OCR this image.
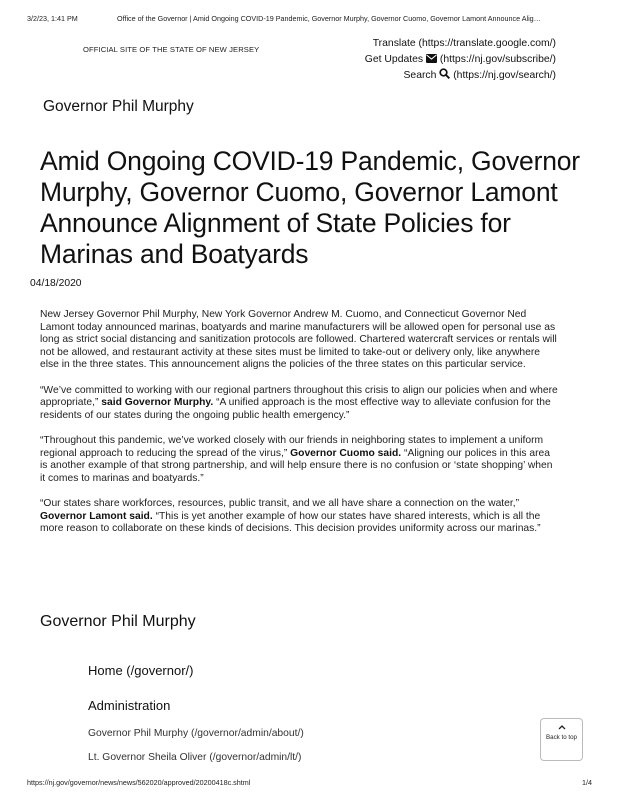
3/2/23, 1:41 PM	Office of the Governor | Amid Ongoing COVID-19 Pandemic, Governor Murphy, Governor Cuomo, Governor Lamont Announce Alig…
OFFICIAL SITE OF THE STATE OF NEW JERSEY
Translate (https://translate.google.com/)
Get Updates (https://nj.gov/subscribe/)
Search (https://nj.gov/search/)
Governor Phil Murphy
Amid Ongoing COVID-19 Pandemic, Governor Murphy, Governor Cuomo, Governor Lamont Announce Alignment of State Policies for Marinas and Boatyards
04/18/2020

New Jersey Governor Phil Murphy, New York Governor Andrew M. Cuomo, and Connecticut Governor Ned Lamont today announced marinas, boatyards and marine manufacturers will be allowed open for personal use as long as strict social distancing and sanitization protocols are followed. Chartered watercraft services or rentals will not be allowed, and restaurant activity at these sites must be limited to take-out or delivery only, like anywhere else in the three states. This announcement aligns the policies of the three states on this particular service.

“We’ve committed to working with our regional partners throughout this crisis to align our policies when and where appropriate,” said Governor Murphy. “A unified approach is the most effective way to alleviate confusion for the residents of our states during the ongoing public health emergency.”

“Throughout this pandemic, we’ve worked closely with our friends in neighboring states to implement a uniform regional approach to reducing the spread of the virus,” Governor Cuomo said. “Aligning our polices in this area is another example of that strong partnership, and will help ensure there is no confusion or ‘state shopping’ when it comes to marinas and boatyards.”

“Our states share workforces, resources, public transit, and we all have share a connection on the water,” Governor Lamont said. “This is yet another example of how our states have shared interests, which is all the more reason to collaborate on these kinds of decisions. This decision provides uniformity across our marinas.”

Governor Phil Murphy
Home (/governor/)
Administration
Governor Phil Murphy (/governor/admin/about/)
Lt. Governor Sheila Oliver (/governor/admin/lt/)
Back to top
https://nj.gov/governor/news/news/562020/approved/20200418c.shtml	1/4
